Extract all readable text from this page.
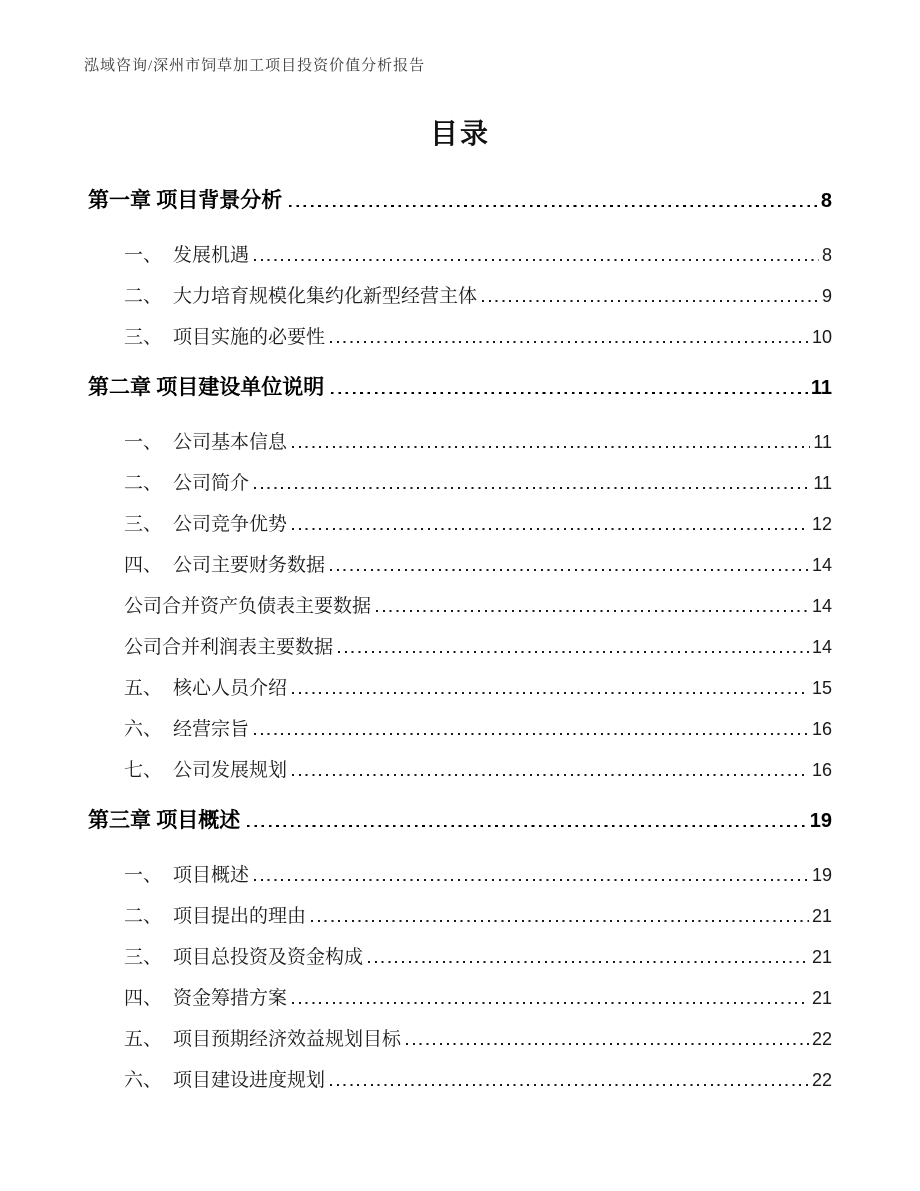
泓域咨询/深州市饲草加工项目投资价值分析报告
目录
第一章 项目背景分析	8
一、 发展机遇	8
二、 大力培育规模化集约化新型经营主体	9
三、 项目实施的必要性	10
第二章 项目建设单位说明	11
一、 公司基本信息	11
二、 公司简介	11
三、 公司竞争优势	12
四、 公司主要财务数据	14
公司合并资产负债表主要数据	14
公司合并利润表主要数据	14
五、 核心人员介绍	15
六、 经营宗旨	16
七、 公司发展规划	16
第三章 项目概述	19
一、 项目概述	19
二、 项目提出的理由	21
三、 项目总投资及资金构成	21
四、 资金筹措方案	21
五、 项目预期经济效益规划目标	22
六、 项目建设进度规划	22
